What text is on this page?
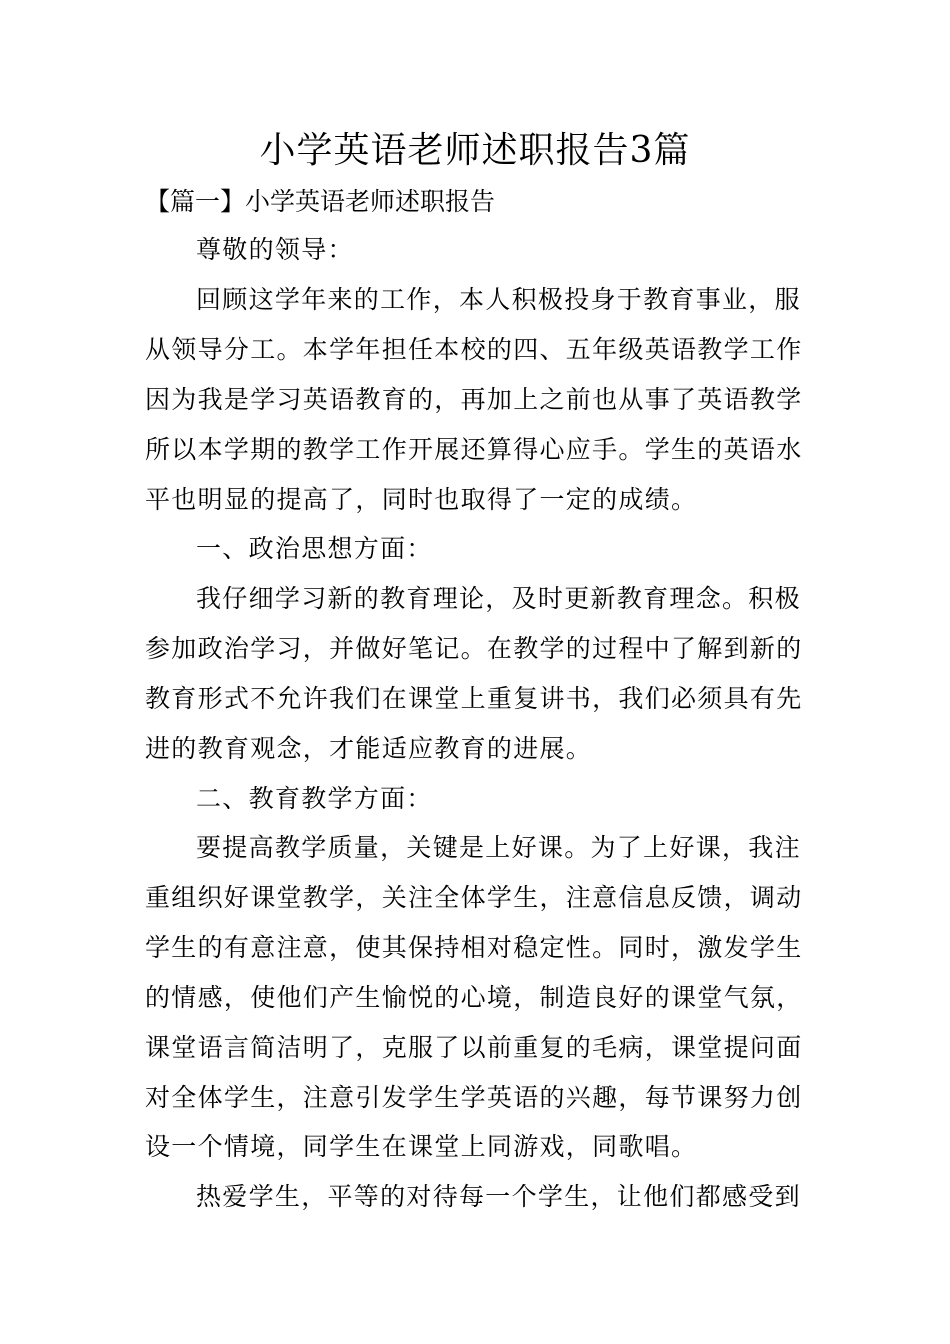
小学英语老师述职报告3篇
【篇一】小学英语老师述职报告
尊敬的领导：
回顾这学年来的工作，本人积极投身于教育事业，服
从领导分工。本学年担任本校的四、五年级英语教学工作
因为我是学习英语教育的，再加上之前也从事了英语教学
所以本学期的教学工作开展还算得心应手。学生的英语水
平也明显的提高了，同时也取得了一定的成绩。
一、政治思想方面：
我仔细学习新的教育理论，及时更新教育理念。积极
参加政治学习，并做好笔记。在教学的过程中了解到新的
教育形式不允许我们在课堂上重复讲书，我们必须具有先
进的教育观念，才能适应教育的进展。
二、教育教学方面：
要提高教学质量，关键是上好课。为了上好课，我注
重组织好课堂教学，关注全体学生，注意信息反馈，调动
学生的有意注意，使其保持相对稳定性。同时，激发学生
的情感，使他们产生愉悦的心境，制造良好的课堂气氛，
课堂语言简洁明了，克服了以前重复的毛病，课堂提问面
对全体学生，注意引发学生学英语的兴趣，每节课努力创
设一个情境，同学生在课堂上同游戏，同歌唱。
热爱学生，平等的对待每一个学生，让他们都感受到
